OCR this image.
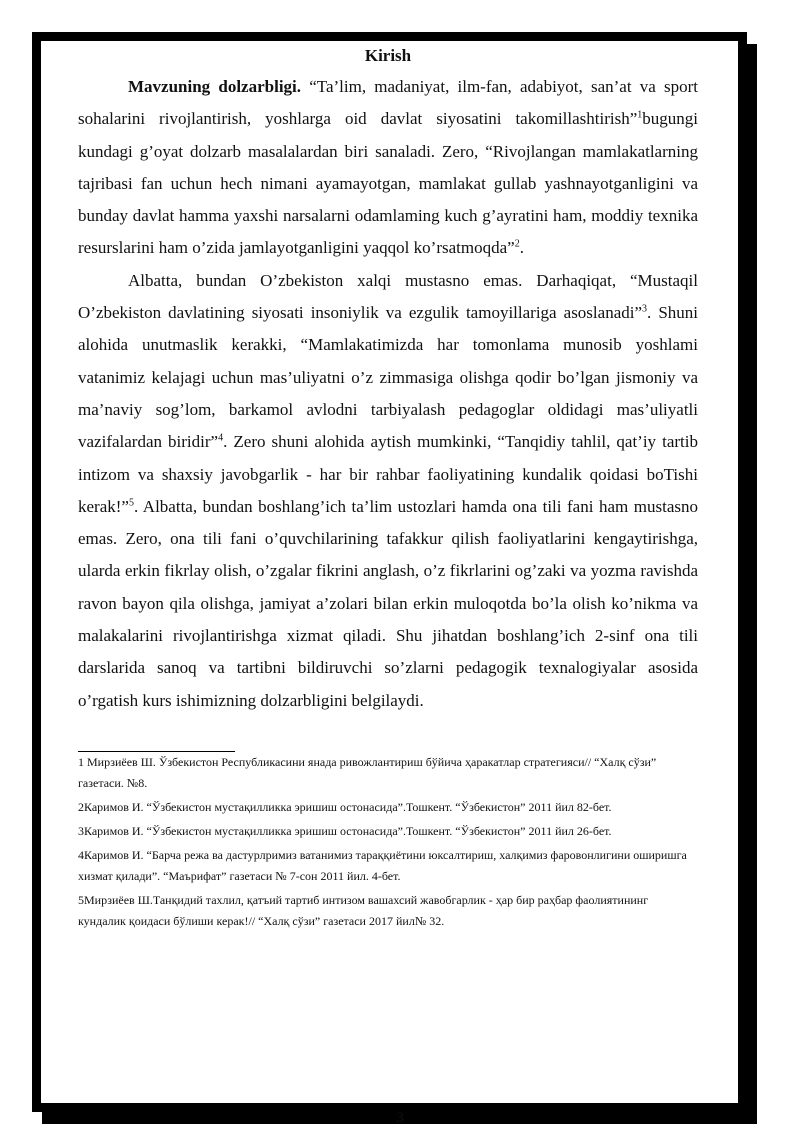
Kirish

Mavzuning dolzarbligi. “Ta’lim, madaniyat, ilm-fan, adabiyot, san’at va sport sohalarini rivojlantirish, yoshlarga oid davlat siyosatini takomillashtirish”$^1$bugungi kundagi g’oyat dolzarb masalalardan biri sanaladi. Zero, “Rivojlangan mamlakatlarning tajribasi fan uchun hech nimani ayamayotgan, mamlakat gullab yashnayotganligini va bunday davlat hamma yaxshi narsalarni odamlaming kuch g’ayratini ham, moddiy texnika resurslarini ham o’zida jamlayotganligini yaqqol ko’rsatmoqda”$^2$.

Albatta, bundan O’zbekiston xalqi mustasno emas. Darhaqiqat, “Mustaqil O’zbekiston davlatining siyosati insoniylik va ezgulik tamoyillariga asoslanadi”$^3$. Shuni alohida unutmaslik kerakki, “Mamlakatimizda har tomonlama munosib yoshlami vatanimiz kelajagi uchun mas’uliyatni o’z zimmasiga olishga qodir bo’lgan jismoniy va ma’naviy sog’lom, barkamol avlodni tarbiyalash pedagoglar oldidagi mas’uliyatli vazifalardan biridir”$^4$. Zero shuni alohida aytish mumkinki, “Tanqidiy tahlil, qat’iy tartib intizom va shaxsiy javobgarlik - har bir rahbar faoliyatining kundalik qoidasi boTishi kerak!”$^5$. Albatta, bundan boshlang’ich ta’lim ustozlari hamda ona tili fani ham mustasno emas. Zero, ona tili fani o’quvchilarining tafakkur qilish faoliyatlarini kengaytirishga, ularda erkin fikrlay olish, o’zgalar fikrini anglash, o’z fikrlarini og’zaki va yozma ravishda ravon bayon qila olishga, jamiyat a’zolari bilan erkin muloqotda bo’la olish ko’nikma va malakalarini rivojlantirishga xizmat qiladi. Shu jihatdan boshlang’ich 2-sinf ona tili darslarida sanoq va tartibni bildiruvchi so’zlarni pedagogik texnalogiyalar asosida o’rgatish kurs ishimizning dolzarbligini belgilaydi.

1 Мирзиёев Ш. Ўзбекистон Республикасини янада ривожлантириш бўйича ҳаракатлар стратегияси// “Халқ сўзи” газетаси. №8.

2Каримов И. “Ўзбекистон мустақилликка эришиш остонасида”.Тошкент. “Ўзбекистон” 2011 йил 82-бет.

3Каримов И. “Ўзбекистон мустақилликка эришиш остонасида”.Тошкент. “Ўзбекистон” 2011 йил 26-бет.

4Каримов И. “Барча режа ва дастурлримиз ватанимиз тараққиётини юксалтириш, халқимиз фаровонлигини оширишга хизмат қилади”. “Маърифат” газетаси № 7-сон 2011 йил. 4-бет.

5Мирзиёев Ш.Танқидий тахлил, қатъий тартиб интизом вашахсий жавобгарлик - ҳар бир раҳбар фаолиятининг кундалик қоидаси бўлиши керак!// “Халқ сўзи” газетаси 2017 йил№ 32.

3
